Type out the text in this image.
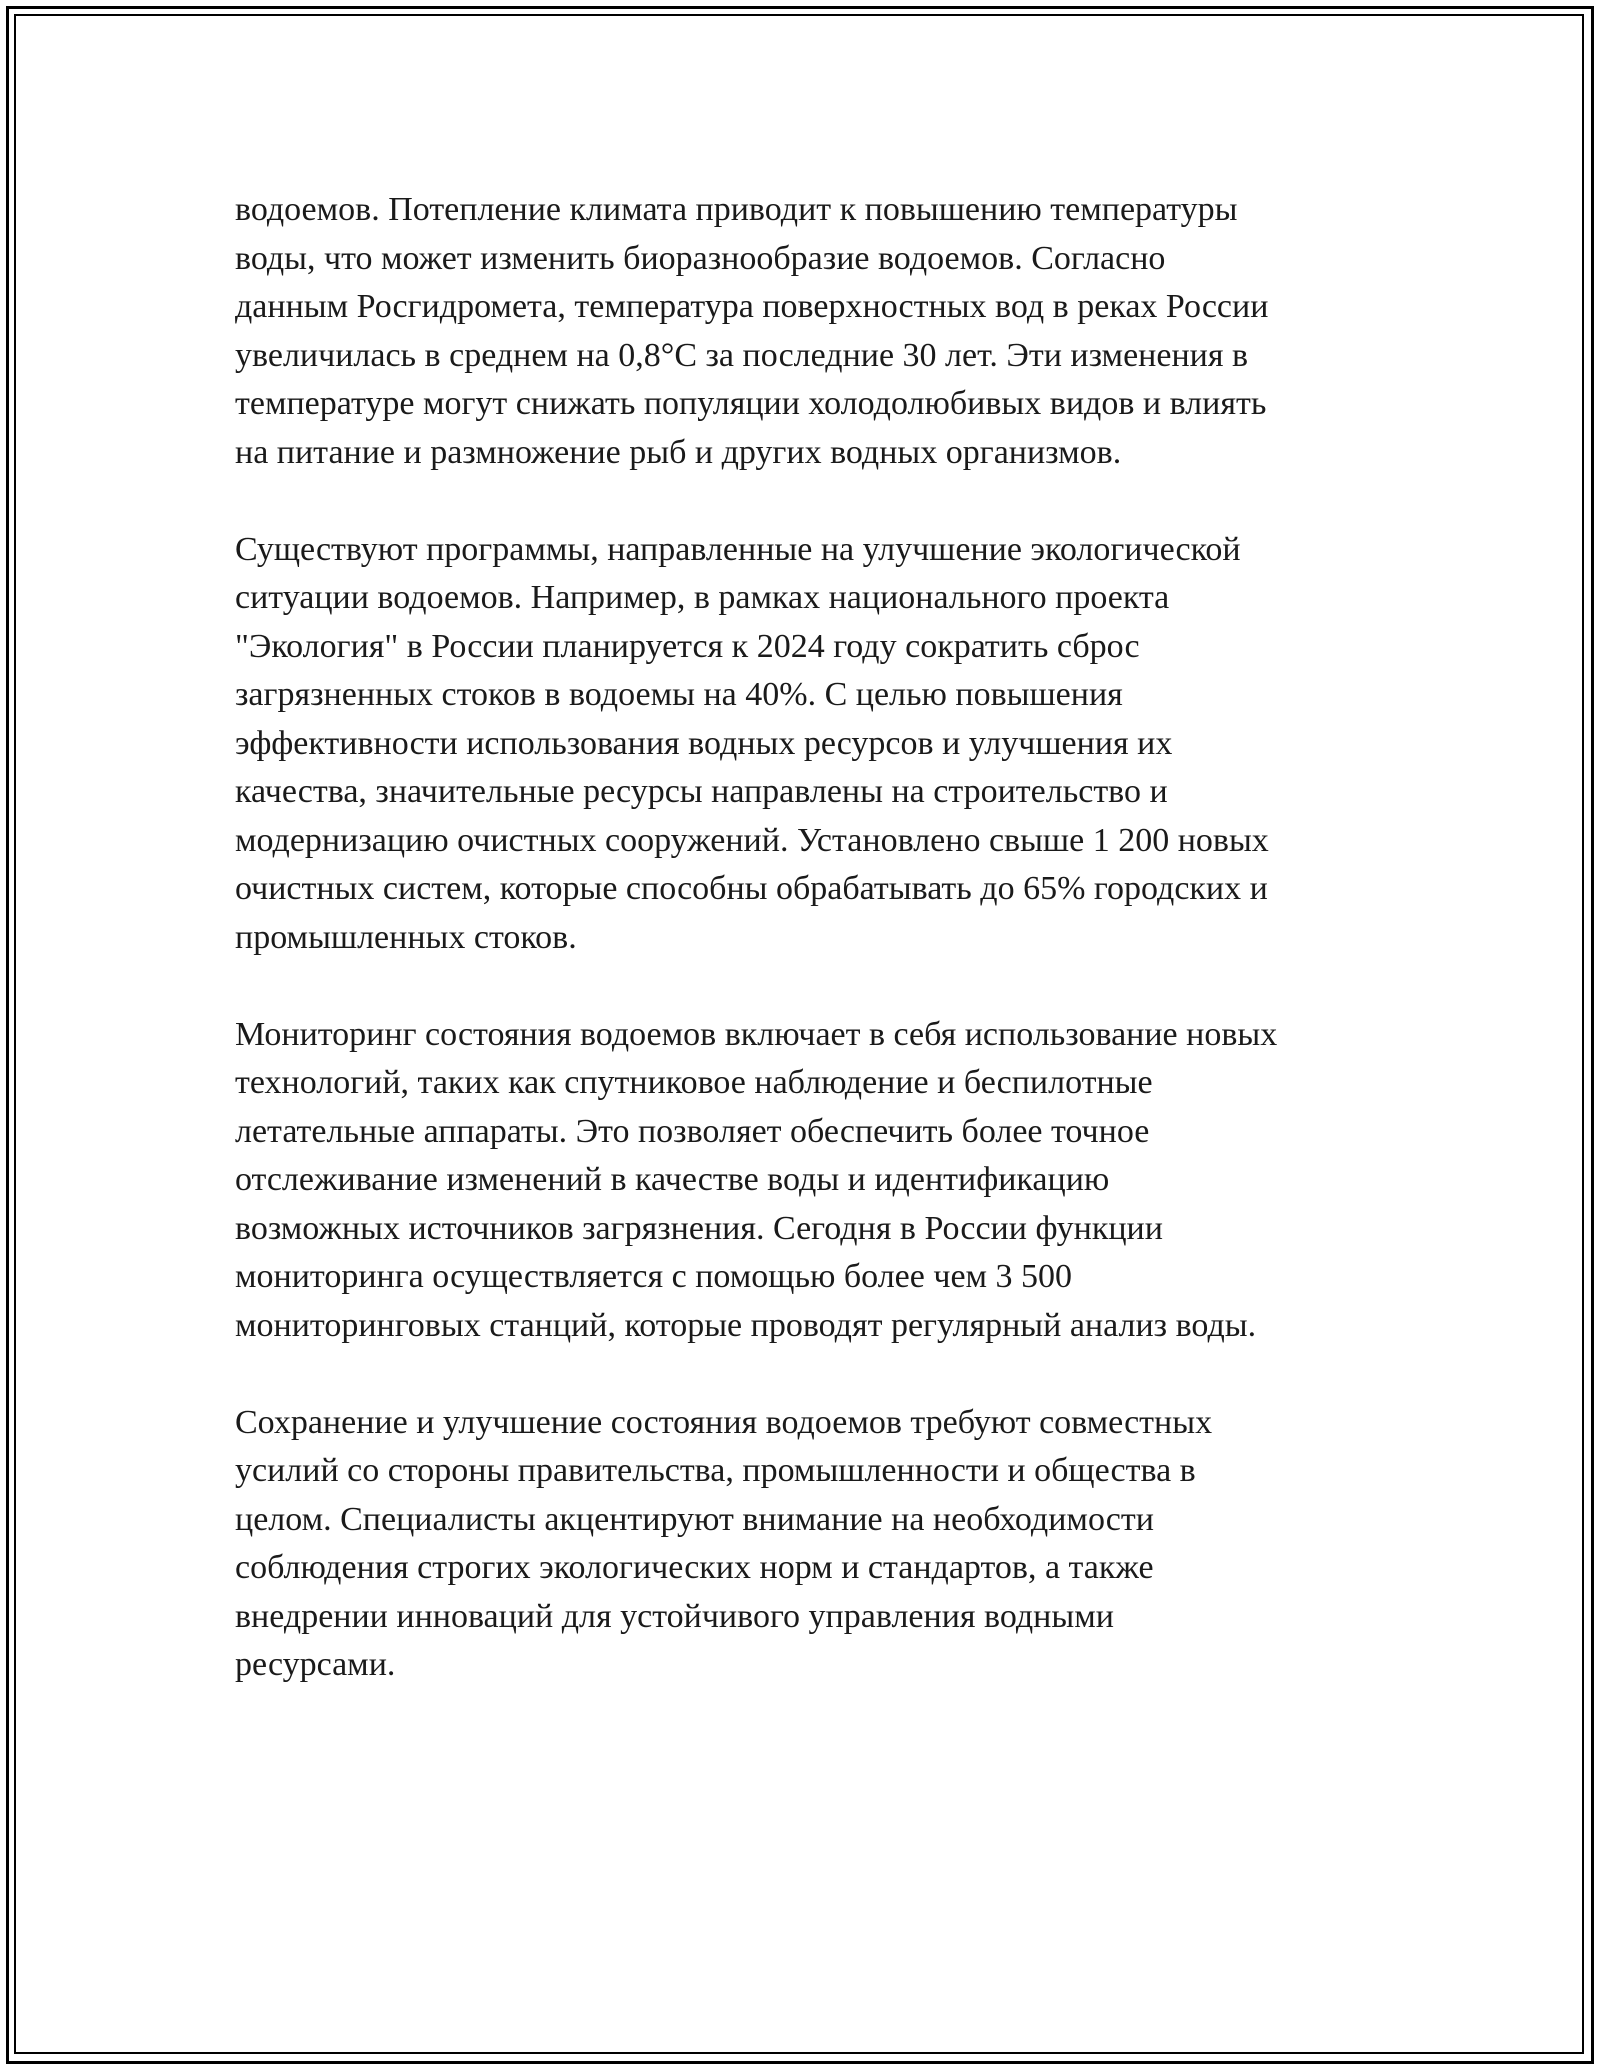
водоемов. Потепление климата приводит к повышению температуры
воды, что может изменить биоразнообразие водоемов. Согласно
данным Росгидромета, температура поверхностных вод в реках России
увеличилась в среднем на 0,8°C за последние 30 лет. Эти изменения в
температуре могут снижать популяции холодолюбивых видов и влиять
на питание и размножение рыб и других водных организмов.

Существуют программы, направленные на улучшение экологической
ситуации водоемов. Например, в рамках национального проекта
"Экология" в России планируется к 2024 году сократить сброс
загрязненных стоков в водоемы на 40%. С целью повышения
эффективности использования водных ресурсов и улучшения их
качества, значительные ресурсы направлены на строительство и
модернизацию очистных сооружений. Установлено свыше 1 200 новых
очистных систем, которые способны обрабатывать до 65% городских и
промышленных стоков.

Мониторинг состояния водоемов включает в себя использование новых
технологий, таких как спутниковое наблюдение и беспилотные
летательные аппараты. Это позволяет обеспечить более точное
отслеживание изменений в качестве воды и идентификацию
возможных источников загрязнения. Сегодня в России функции
мониторинга осуществляется с помощью более чем 3 500
мониторинговых станций, которые проводят регулярный анализ воды.

Сохранение и улучшение состояния водоемов требуют совместных
усилий со стороны правительства, промышленности и общества в
целом. Специалисты акцентируют внимание на необходимости
соблюдения строгих экологических норм и стандартов, а также
внедрении инноваций для устойчивого управления водными
ресурсами.
